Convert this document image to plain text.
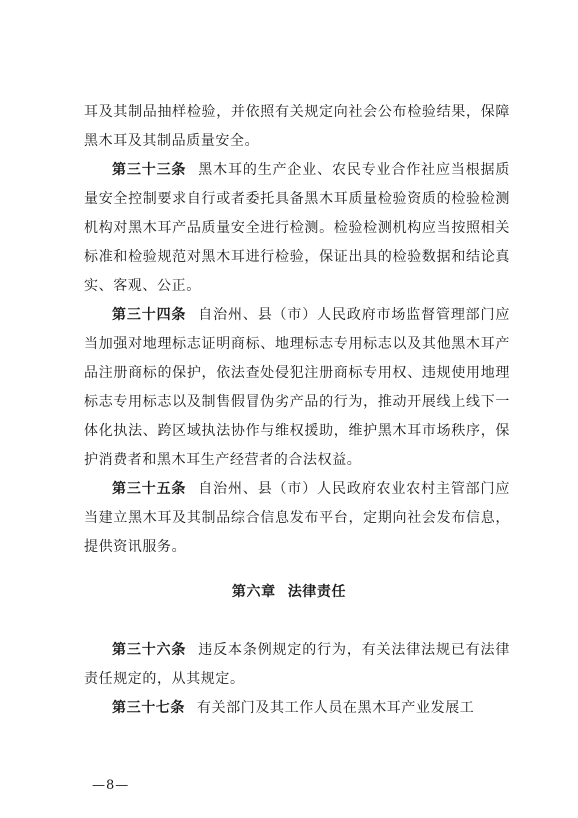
耳及其制品抽样检验，并依照有关规定向社会公布检验结果，保障黑木耳及其制品质量安全。

第三十三条 黑木耳的生产企业、农民专业合作社应当根据质量安全控制要求自行或者委托具备黑木耳质量检验资质的检验检测机构对黑木耳产品质量安全进行检测。检验检测机构应当按照相关标准和检验规范对黑木耳进行检验，保证出具的检验数据和结论真实、客观、公正。

第三十四条 自治州、县（市）人民政府市场监督管理部门应当加强对地理标志证明商标、地理标志专用标志以及其他黑木耳产品注册商标的保护，依法查处侵犯注册商标专用权、违规使用地理标志专用标志以及制售假冒伪劣产品的行为，推动开展线上线下一体化执法、跨区域执法协作与维权援助，维护黑木耳市场秩序，保护消费者和黑木耳生产经营者的合法权益。

第三十五条 自治州、县（市）人民政府农业农村主管部门应当建立黑木耳及其制品综合信息发布平台，定期向社会发布信息，提供资讯服务。

第六章 法律责任

第三十六条 违反本条例规定的行为，有关法律法规已有法律责任规定的，从其规定。

第三十七条 有关部门及其工作人员在黑木耳产业发展工

—8—
